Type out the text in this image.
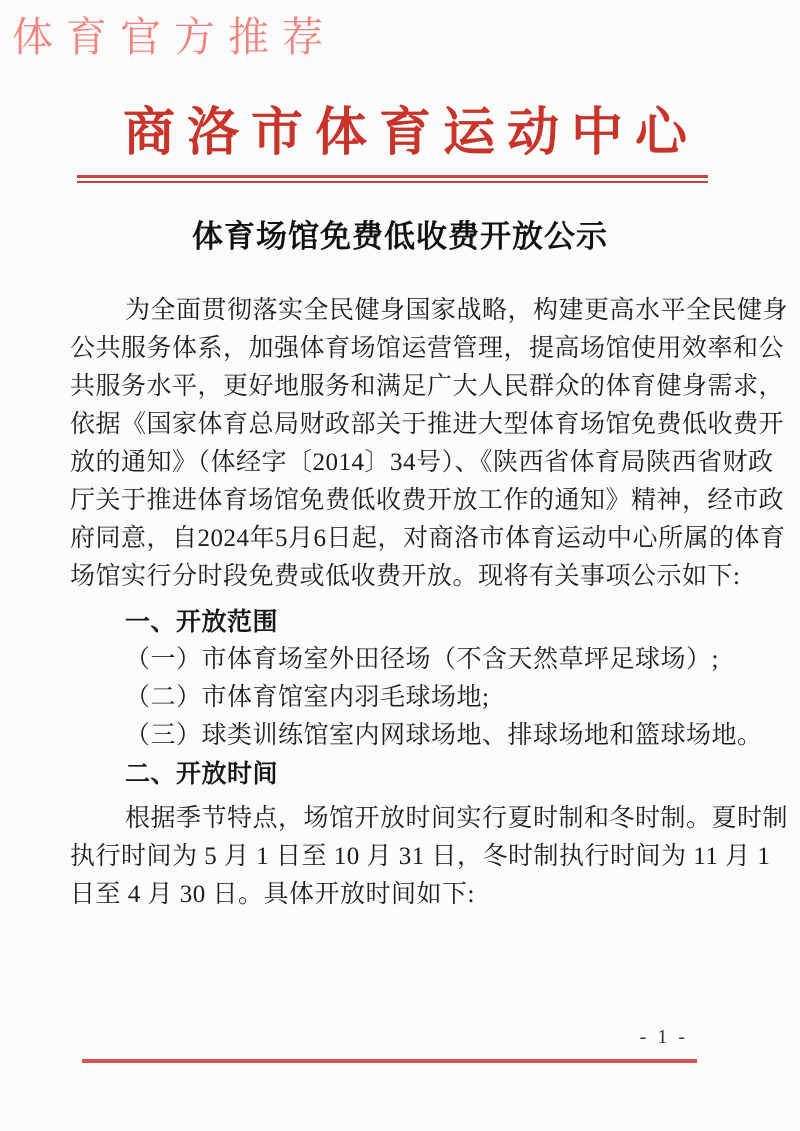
体育官方推荐
商洛市体育运动中心
体育场馆免费低收费开放公示
为全面贯彻落实全民健身国家战略，构建更高水平全民健身
公共服务体系，加强体育场馆运营管理，提高场馆使用效率和公
共服务水平，更好地服务和满足广大人民群众的体育健身需求，
依据《国家体育总局财政部关于推进大型体育场馆免费低收费开
放的通知》（体经字〔2014〕34号）、《陕西省体育局陕西省财政
厅关于推进体育场馆免费低收费开放工作的通知》精神，经市政
府同意，自2024年5月6日起，对商洛市体育运动中心所属的体育
场馆实行分时段免费或低收费开放。现将有关事项公示如下:
一、开放范围
（一）市体育场室外田径场（不含天然草坪足球场）;
（二）市体育馆室内羽毛球场地;
（三）球类训练馆室内网球场地、排球场地和篮球场地。
二、开放时间
根据季节特点，场馆开放时间实行夏时制和冬时制。夏时制
执行时间为 5 月 1 日至 10 月 31 日，冬时制执行时间为 11 月 1
日至 4 月 30 日。具体开放时间如下:
- 1 -
